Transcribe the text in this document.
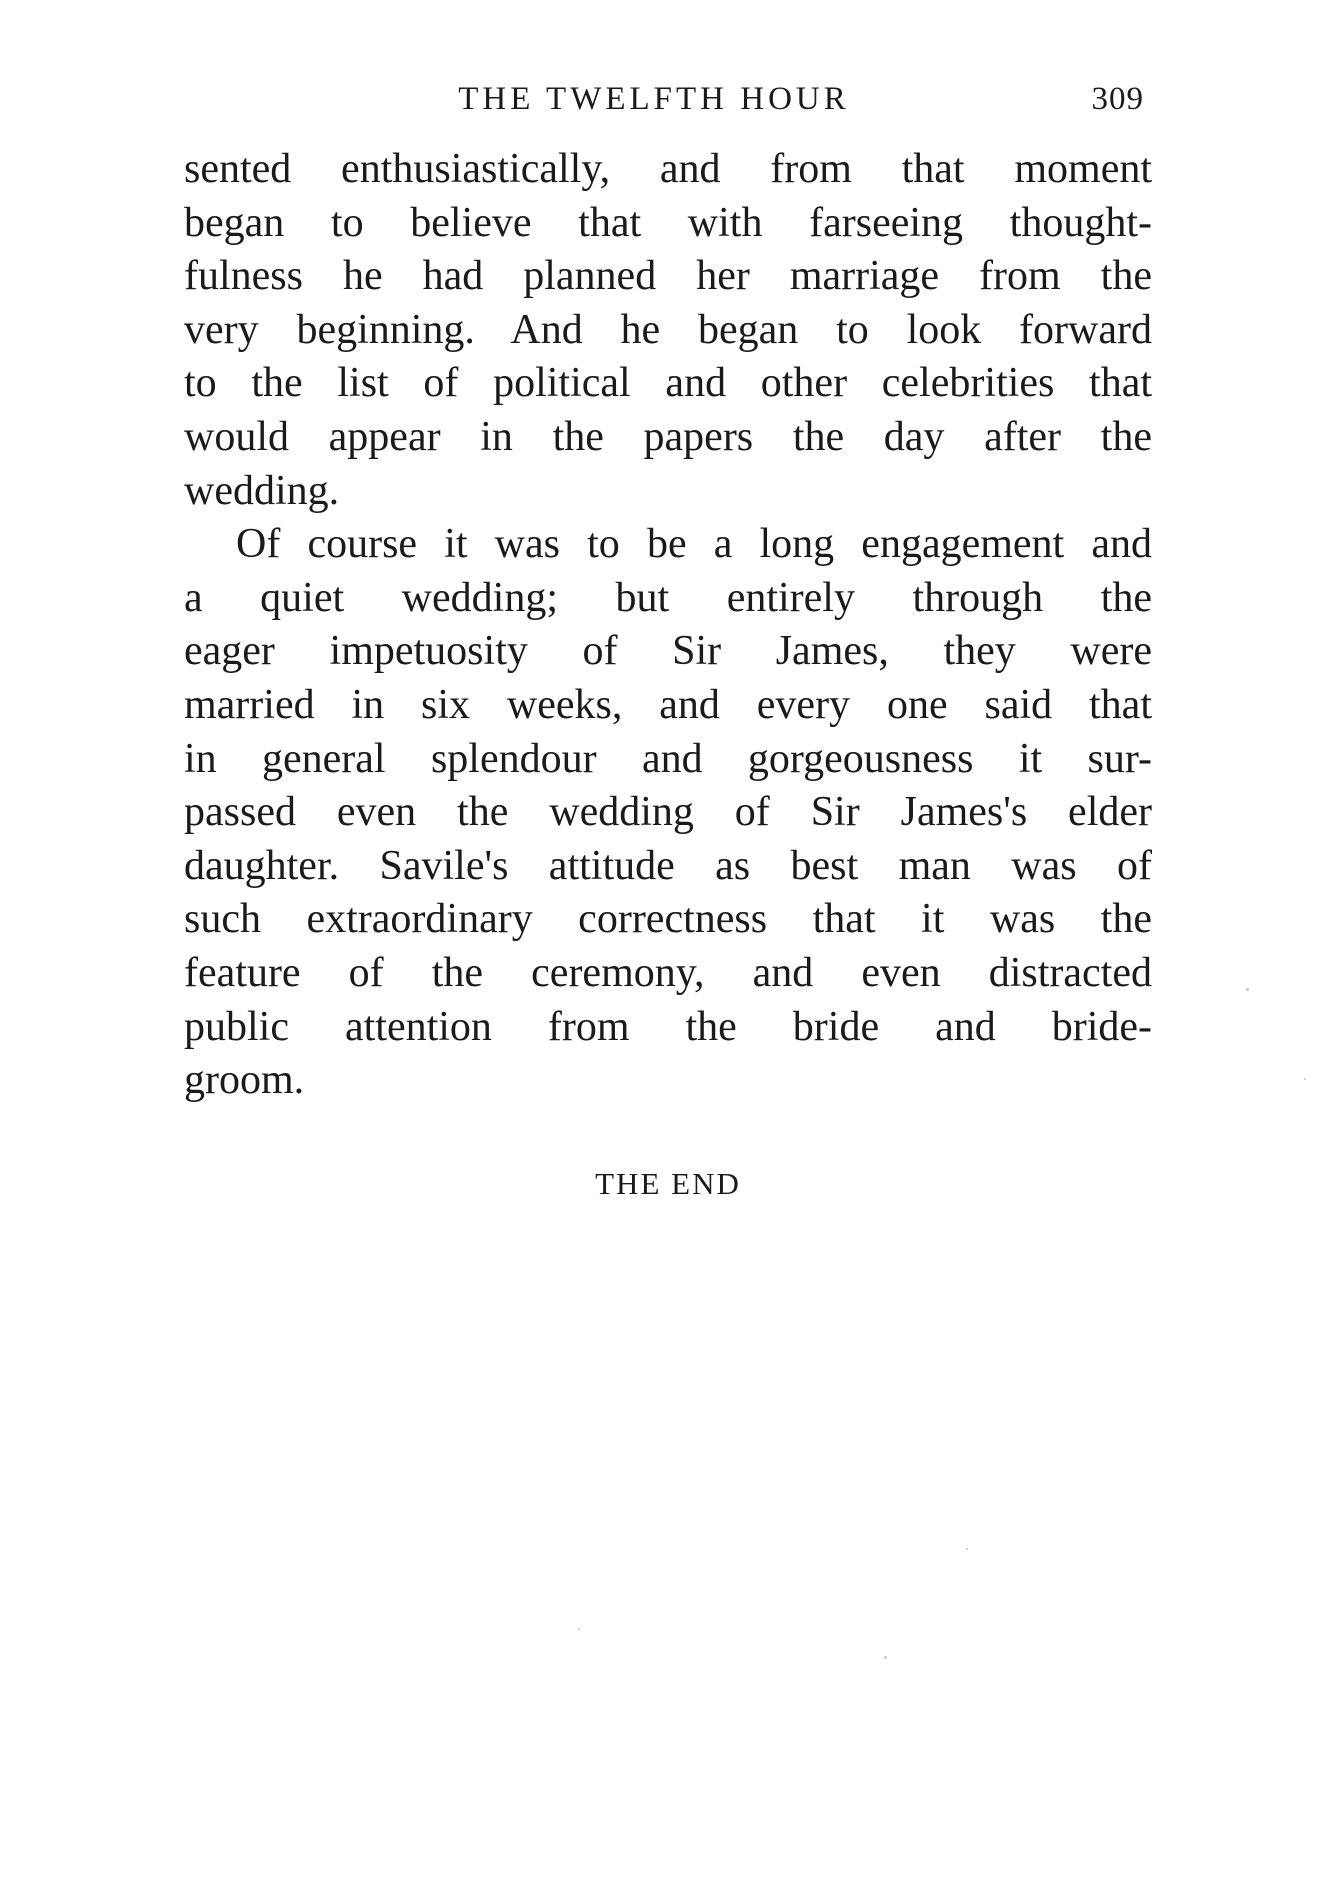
THE TWELFTH HOUR	309
sented enthusiastically, and from that moment
began to believe that with farseeing thought-
fulness he had planned her marriage from the
very beginning. And he began to look forward
to the list of political and other celebrities that
would appear in the papers the day after the
wedding.
Of course it was to be a long engagement and
a quiet wedding; but entirely through the
eager impetuosity of Sir James, they were
married in six weeks, and every one said that
in general splendour and gorgeousness it sur-
passed even the wedding of Sir James's elder
daughter. Savile's attitude as best man was of
such extraordinary correctness that it was the
feature of the ceremony, and even distracted
public attention from the bride and bride-
groom.
THE END
